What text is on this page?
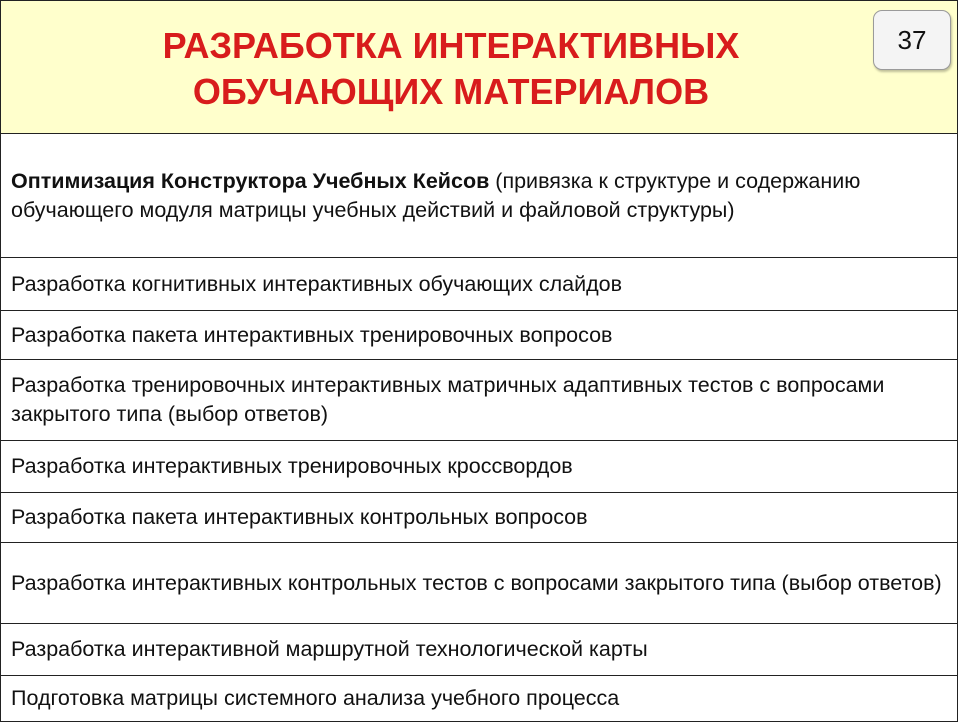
РАЗРАБОТКА ИНТЕРАКТИВНЫХ
ОБУЧАЮЩИХ МАТЕРИАЛОВ
37
Оптимизация Конструктора Учебных Кейсов (привязка к структуре и содержанию обучающего модуля матрицы учебных действий и файловой структуры)
Разработка когнитивных интерактивных обучающих слайдов
Разработка пакета интерактивных тренировочных вопросов
Разработка тренировочных интерактивных матричных адаптивных тестов с вопросами закрытого типа (выбор ответов)
Разработка интерактивных тренировочных кроссвордов
Разработка пакета интерактивных контрольных вопросов
Разработка интерактивных контрольных тестов с вопросами закрытого типа (выбор ответов)
Разработка интерактивной маршрутной технологической карты
Подготовка матрицы системного анализа учебного процесса
